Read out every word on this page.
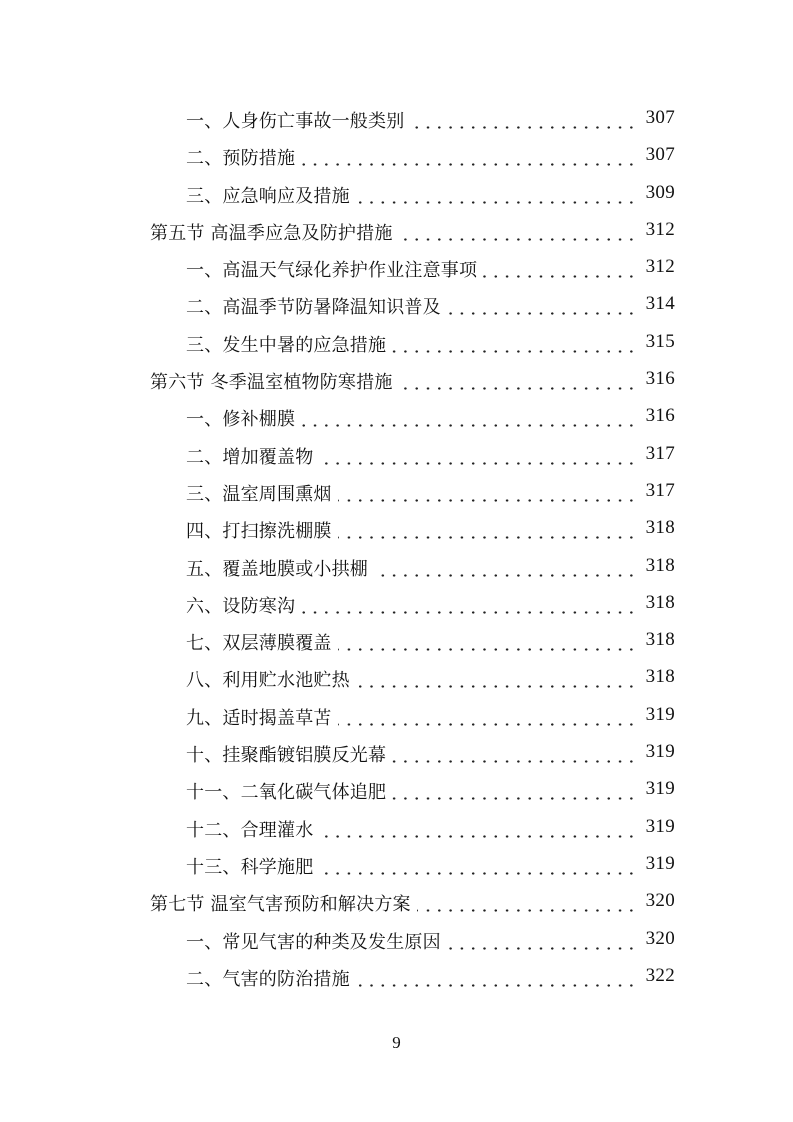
一、人身伤亡事故一般类别	307
二、预防措施	307
三、应急响应及措施	309
第五节 高温季应急及防护措施	312
一、高温天气绿化养护作业注意事项	312
二、高温季节防暑降温知识普及	314
三、发生中暑的应急措施	315
第六节 冬季温室植物防寒措施	316
一、修补棚膜	316
二、增加覆盖物	317
三、温室周围熏烟	317
四、打扫擦洗棚膜	318
五、覆盖地膜或小拱棚	318
六、设防寒沟	318
七、双层薄膜覆盖	318
八、利用贮水池贮热	318
九、适时揭盖草苫	319
十、挂聚酯镀铝膜反光幕	319
十一、二氧化碳气体追肥	319
十二、合理灌水	319
十三、科学施肥	319
第七节 温室气害预防和解决方案	320
一、常见气害的种类及发生原因	320
二、气害的防治措施	322
9
